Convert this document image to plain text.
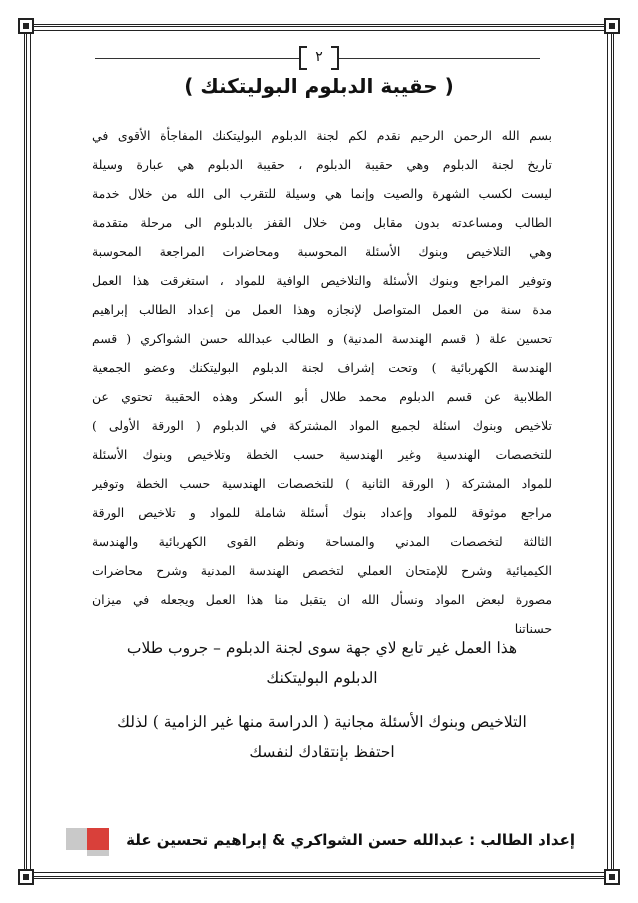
٢
( حقيبة الدبلوم البوليتكنك )
بسم الله الرحمن الرحيم نقدم لكم لجنة الدبلوم البوليتكنك المفاجأة الأقوى في
تاريخ لجنة الدبلوم وهي حقيبة الدبلوم ، حقيبة الدبلوم هي عبارة وسيلة
ليست لكسب الشهرة والصيت وإنما هي وسيلة للتقرب الى الله من خلال خدمة
الطالب ومساعدته بدون مقابل ومن خلال القفز بالدبلوم الى مرحلة متقدمة
وهي التلاخيص وبنوك الأسئلة المحوسبة ومحاضرات المراجعة المحوسبة
وتوفير المراجع وبنوك الأسئلة والتلاخيص الوافية للمواد ، استغرقت هذا العمل
مدة سنة من العمل المتواصل لإنجازه وهذا العمل من إعداد الطالب إبراهيم
تحسين علة ( قسم الهندسة المدنية) و الطالب عبدالله حسن الشواكري ( قسم
الهندسة الكهربائية ) وتحت إشراف لجنة الدبلوم البوليتكنك وعضو الجمعية
الطلابية عن قسم الدبلوم محمد طلال أبو السكر وهذه الحقيبة تحتوي عن
تلاخيص وبنوك اسئلة لجميع المواد المشتركة في الدبلوم ( الورقة الأولى )
للتخصصات الهندسية وغير الهندسية حسب الخطة وتلاخيص وبنوك الأسئلة
للمواد المشتركة ( الورقة الثانية ) للتخصصات الهندسية حسب الخطة وتوفير
مراجع موثوقة للمواد وإعداد بنوك أسئلة شاملة للمواد و تلاخيص الورقة
الثالثة لتخصصات المدني والمساحة ونظم القوى الكهربائية والهندسة
الكيميائية وشرح للإمتحان العملي لتخصص الهندسة المدنية وشرح محاضرات
مصورة لبعض المواد ونسأل الله ان يتقبل منا هذا العمل ويجعله في ميزان
حسناتنا
هذا العمل غير تابع لاي جهة سوى لجنة الدبلوم – جروب طلاب
الدبلوم البوليتكنك
التلاخيص وبنوك الأسئلة مجانية ( الدراسة منها غير الزامية ) لذلك
احتفظ بإنتقادك لنفسك
إعداد الطالب : عبدالله حسن الشواكري & إبراهيم تحسين علة
